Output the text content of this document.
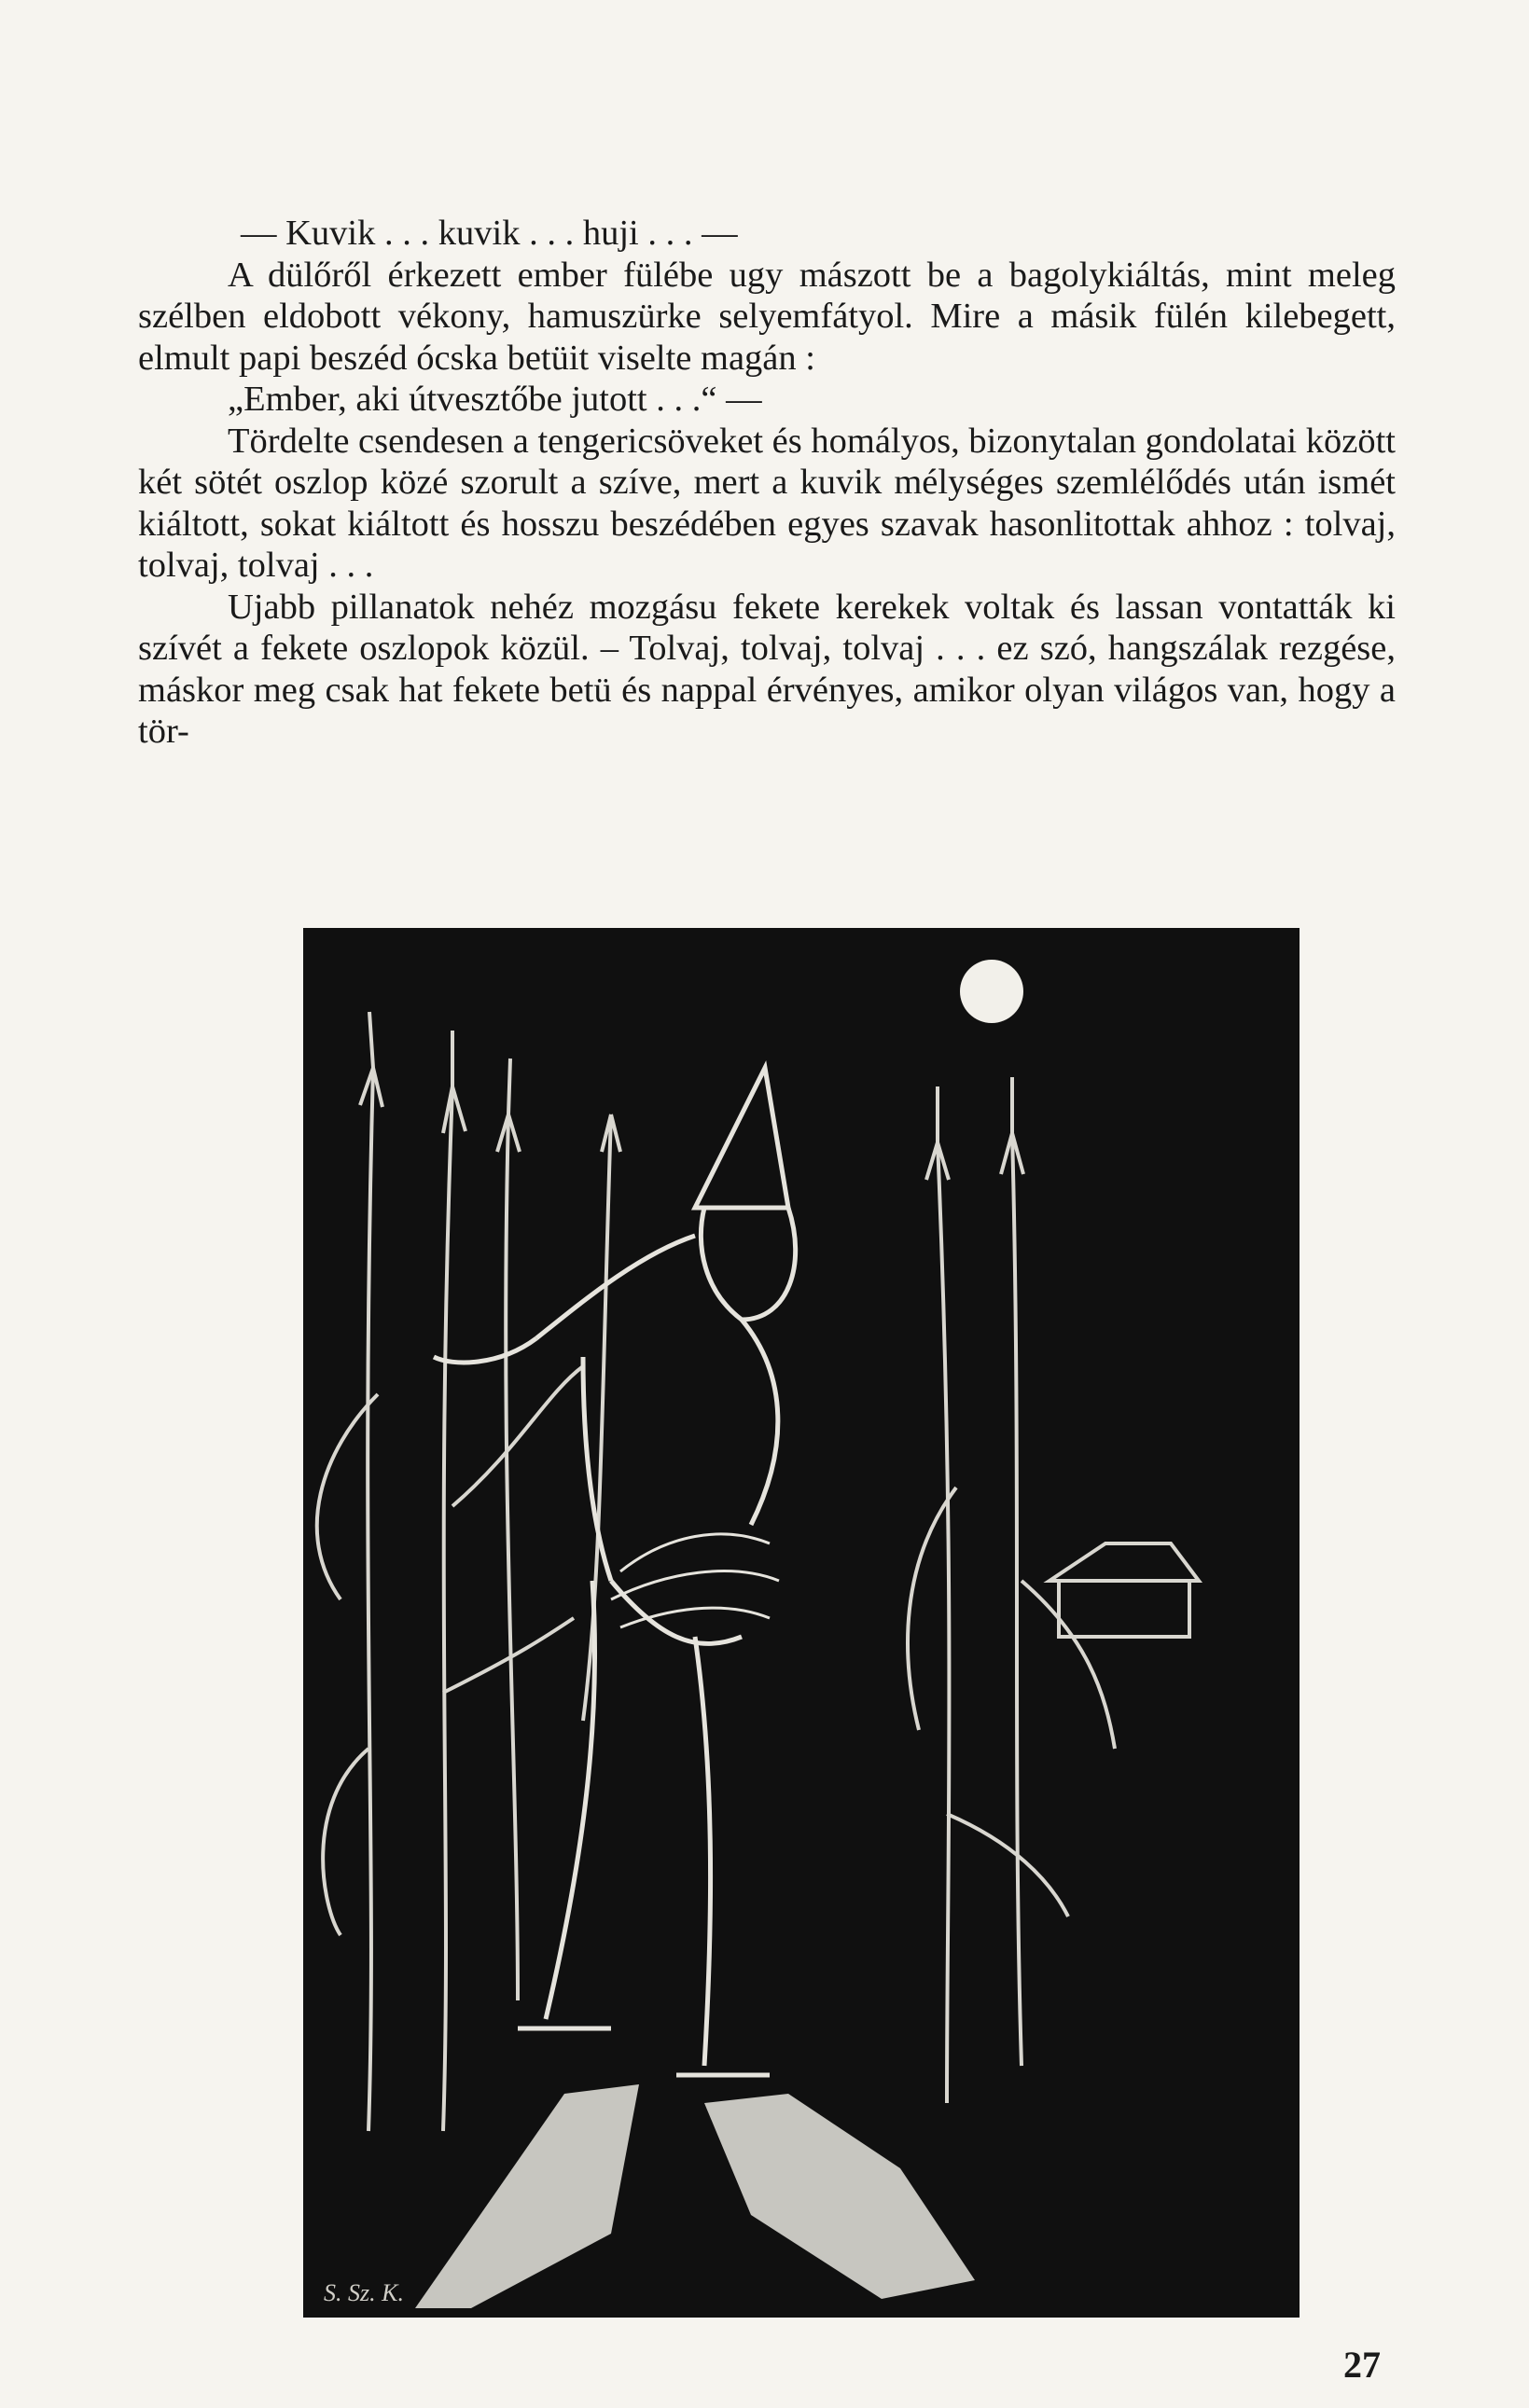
— Kuvik . . . kuvik . . . huji . . . —

A dülőről érkezett ember fülébe ugy mászott be a bagolykiáltás, mint meleg szélben eldobott vékony, hamuszürke selyemfátyol. Mire a másik fülén kilebegett, elmult papi beszéd ócska betüit viselte magán :

„Ember, aki útvesztőbe jutott . . .“ —

Tördelte csendesen a tengericsöveket és homályos, bizonytalan gondolatai között két sötét oszlop közé szorult a szíve, mert a kuvik mélységes szemlélődés után ismét kiáltott, sokat kiáltott és hosszu beszédében egyes szavak hasonlitottak ahhoz : tolvaj, tolvaj, tolvaj . . .

Ujabb pillanatok nehéz mozgásu fekete kerekek voltak és lassan vontatták ki szívét a fekete oszlopok közül. – Tolvaj, tolvaj, tolvaj . . . ez szó, hangszálak rezgése, máskor meg csak hat fekete betü és nappal érvényes, amikor olyan világos van, hogy a tör-

S. Sz. K.
27
